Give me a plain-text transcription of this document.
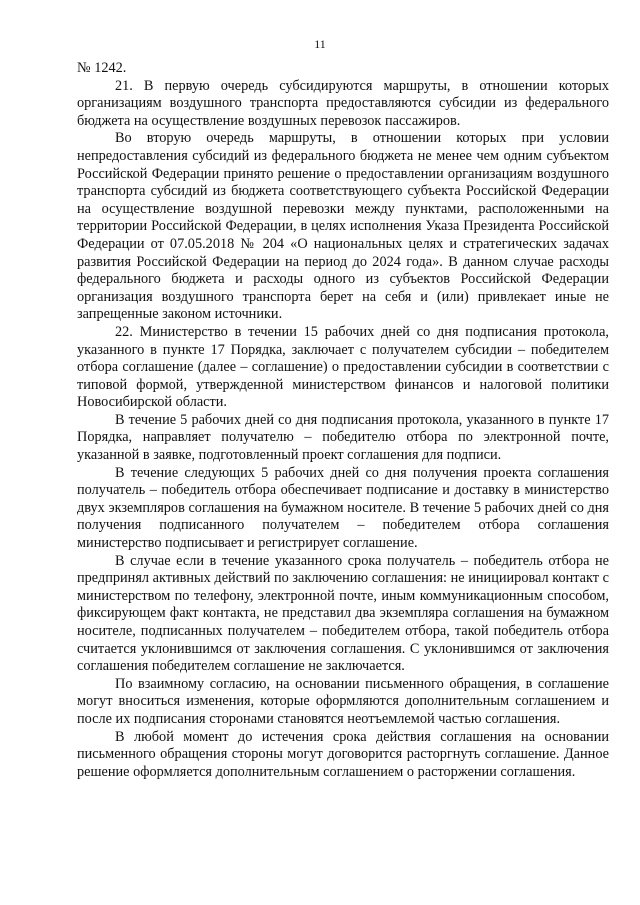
11

№ 1242.

21. В первую очередь субсидируются маршруты, в отношении которых организациям воздушного транспорта предоставляются субсидии из федерального бюджета на осуществление воздушных перевозок пассажиров.

Во вторую очередь маршруты, в отношении которых при условии непредоставления субсидий из федерального бюджета не менее чем одним субъектом Российской Федерации принято решение о предоставлении организациям воздушного транспорта субсидий из бюджета соответствующего субъекта Российской Федерации на осуществление воздушной перевозки между пунктами, расположенными на территории Российской Федерации, в целях исполнения Указа Президента Российской Федерации от 07.05.2018 № 204 «О национальных целях и стратегических задачах развития Российской Федерации на период до 2024 года». В данном случае расходы федерального бюджета и расходы одного из субъектов Российской Федерации организация воздушного транспорта берет на себя и (или) привлекает иные не запрещенные законом источники.

22. Министерство в течении 15 рабочих дней со дня подписания протокола, указанного в пункте 17 Порядка, заключает с получателем субсидии – победителем отбора соглашение (далее – соглашение) о предоставлении субсидии в соответствии с типовой формой, утвержденной министерством финансов и налоговой политики Новосибирской области.

В течение 5 рабочих дней со дня подписания протокола, указанного в пункте 17 Порядка, направляет получателю – победителю отбора по электронной почте, указанной в заявке, подготовленный проект соглашения для подписи.

В течение следующих 5 рабочих дней со дня получения проекта соглашения получатель – победитель отбора обеспечивает подписание и доставку в министерство двух экземпляров соглашения на бумажном носителе. В течение 5 рабочих дней со дня получения подписанного получателем – победителем отбора соглашения министерство подписывает и регистрирует соглашение.

В случае если в течение указанного срока получатель – победитель отбора не предпринял активных действий по заключению соглашения: не инициировал контакт с министерством по телефону, электронной почте, иным коммуникационным способом, фиксирующем факт контакта, не представил два экземпляра соглашения на бумажном носителе, подписанных получателем – победителем отбора, такой победитель отбора считается уклонившимся от заключения соглашения. С уклонившимся от заключения соглашения победителем соглашение не заключается.

По взаимному согласию, на основании письменного обращения, в соглашение могут вноситься изменения, которые оформляются дополнительным соглашением и после их подписания сторонами становятся неотъемлемой частью соглашения.

В любой момент до истечения срока действия соглашения на основании письменного обращения стороны могут договорится расторгнуть соглашение. Данное решение оформляется дополнительным соглашением о расторжении соглашения.
